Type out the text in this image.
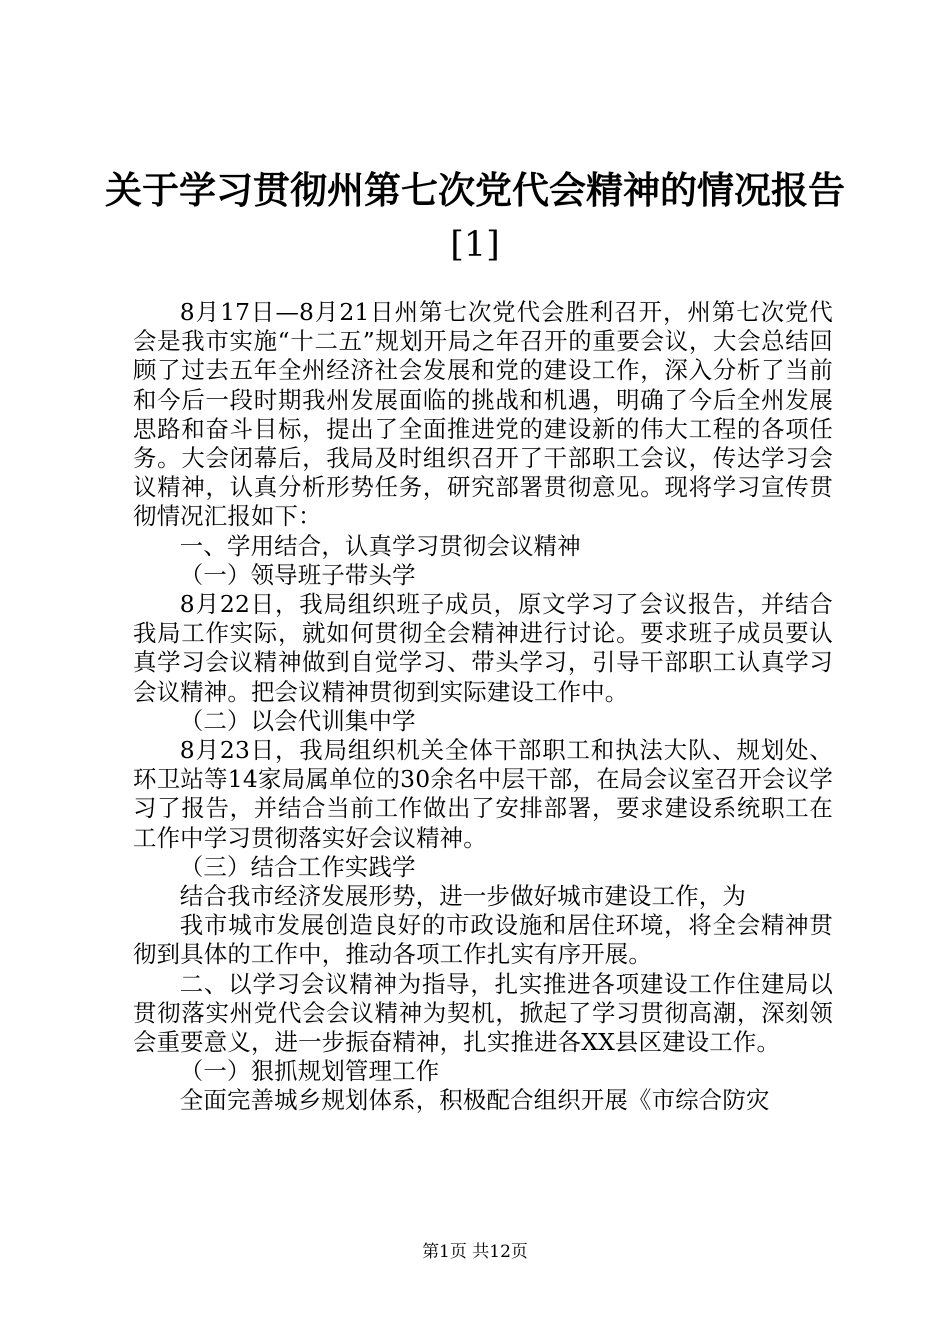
关于学习贯彻州第七次党代会精神的情况报告
[1]

8月17日—8月21日州第七次党代会胜利召开，州第七次党代会是我市实施“十二五”规划开局之年召开的重要会议，大会总结回顾了过去五年全州经济社会发展和党的建设工作，深入分析了当前和今后一段时期我州发展面临的挑战和机遇，明确了今后全州发展思路和奋斗目标，提出了全面推进党的建设新的伟大工程的各项任务。大会闭幕后，我局及时组织召开了干部职工会议，传达学习会议精神，认真分析形势任务，研究部署贯彻意见。现将学习宣传贯彻情况汇报如下：

一、学用结合，认真学习贯彻会议精神

（一）领导班子带头学

8月22日，我局组织班子成员，原文学习了会议报告，并结合我局工作实际，就如何贯彻全会精神进行讨论。要求班子成员要认真学习会议精神做到自觉学习、带头学习，引导干部职工认真学习会议精神。把会议精神贯彻到实际建设工作中。

（二）以会代训集中学

8月23日，我局组织机关全体干部职工和执法大队、规划处、环卫站等14家局属单位的30余名中层干部，在局会议室召开会议学习了报告，并结合当前工作做出了安排部署，要求建设系统职工在工作中学习贯彻落实好会议精神。

（三）结合工作实践学

结合我市经济发展形势，进一步做好城市建设工作，为

我市城市发展创造良好的市政设施和居住环境，将全会精神贯彻到具体的工作中，推动各项工作扎实有序开展。

二、以学习会议精神为指导，扎实推进各项建设工作住建局以贯彻落实州党代会会议精神为契机，掀起了学习贯彻高潮，深刻领会重要意义，进一步振奋精神，扎实推进各XX县区建设工作。

（一）狠抓规划管理工作

全面完善城乡规划体系，积极配合组织开展《市综合防灾

第1页 共12页
